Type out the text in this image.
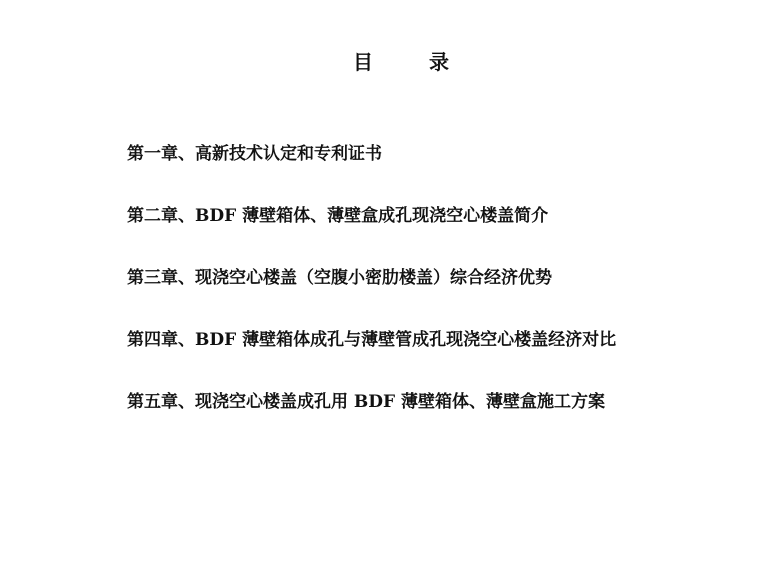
目　录
第一章、高新技术认定和专利证书
第二章、BDF 薄壁箱体、薄壁盒成孔现浇空心楼盖简介
第三章、现浇空心楼盖（空腹小密肋楼盖）综合经济优势
第四章、BDF 薄壁箱体成孔与薄壁管成孔现浇空心楼盖经济对比
第五章、现浇空心楼盖成孔用 BDF 薄壁箱体、薄壁盒施工方案
